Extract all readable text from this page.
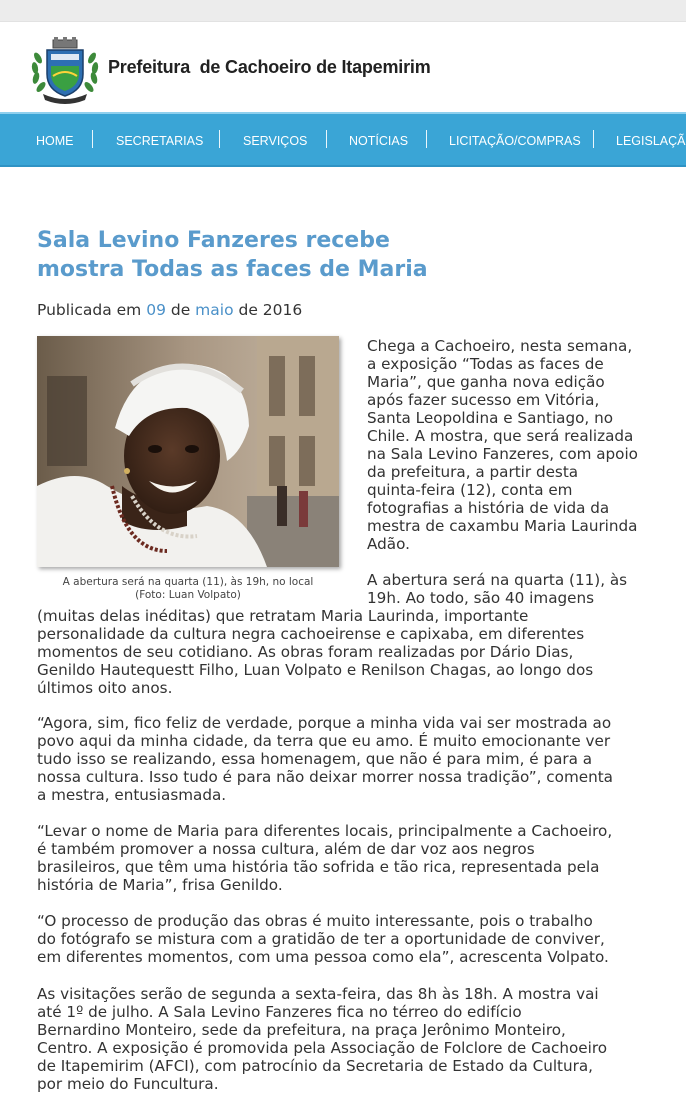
Prefeitura  de Cachoeiro de Itapemirim
HOME	SECRETARIAS	SERVIÇOS	NOTÍCIAS	LICITAÇÃO/COMPRAS	LEGISLAÇÃO
Sala Levino Fanzeres recebe
mostra Todas as faces de Maria
Publicada em 09 de maio de 2016
A abertura será na quarta (11), às 19h, no local
(Foto: Luan Volpato)
Chega a Cachoeiro, nesta semana,
a exposição “Todas as faces de
Maria”, que ganha nova edição
após fazer sucesso em Vitória,
Santa Leopoldina e Santiago, no
Chile. A mostra, que será realizada
na Sala Levino Fanzeres, com apoio
da prefeitura, a partir desta
quinta-feira (12), conta em
fotografias a história de vida da
mestra de caxambu Maria Laurinda
Adão.
A abertura será na quarta (11), às
19h. Ao todo, são 40 imagens
(muitas delas inéditas) que retratam Maria Laurinda, importante
personalidade da cultura negra cachoeirense e capixaba, em diferentes
momentos de seu cotidiano. As obras foram realizadas por Dário Dias,
Genildo Hautequestt Filho, Luan Volpato e Renilson Chagas, ao longo dos
últimos oito anos.
“Agora, sim, fico feliz de verdade, porque a minha vida vai ser mostrada ao
povo aqui da minha cidade, da terra que eu amo. É muito emocionante ver
tudo isso se realizando, essa homenagem, que não é para mim, é para a
nossa cultura. Isso tudo é para não deixar morrer nossa tradição”, comenta
a mestra, entusiasmada.
“Levar o nome de Maria para diferentes locais, principalmente a Cachoeiro,
é também promover a nossa cultura, além de dar voz aos negros
brasileiros, que têm uma história tão sofrida e tão rica, representada pela
história de Maria”, frisa Genildo.
“O processo de produção das obras é muito interessante, pois o trabalho
do fotógrafo se mistura com a gratidão de ter a oportunidade de conviver,
em diferentes momentos, com uma pessoa como ela”, acrescenta Volpato.
As visitações serão de segunda a sexta-feira, das 8h às 18h. A mostra vai
até 1º de julho. A Sala Levino Fanzeres fica no térreo do edifício
Bernardino Monteiro, sede da prefeitura, na praça Jerônimo Monteiro,
Centro. A exposição é promovida pela Associação de Folclore de Cachoeiro
de Itapemirim (AFCI), com patrocínio da Secretaria de Estado da Cultura,
por meio do Funcultura.
